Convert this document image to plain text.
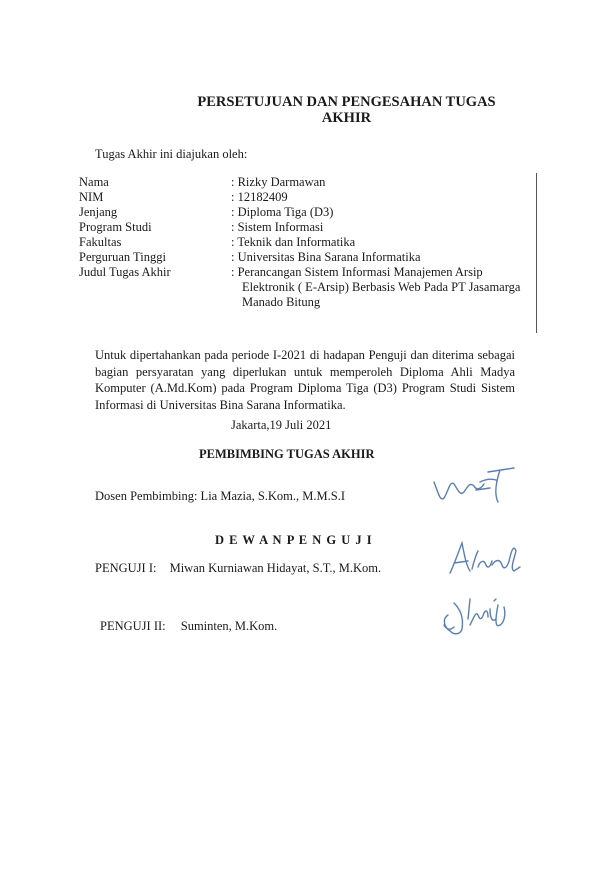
PERSETUJUAN DAN PENGESAHAN TUGAS
AKHIR
Tugas Akhir ini diajukan oleh:
Nama	: Rizky Darmawan
NIM	: 12182409
Jenjang	: Diploma Tiga (D3)
Program Studi	: Sistem Informasi
Fakultas	: Teknik dan Informatika
Perguruan Tinggi	: Universitas Bina Sarana Informatika
Judul Tugas Akhir	: Perancangan Sistem Informasi Manajemen Arsip
Elektronik ( E-Arsip) Berbasis Web Pada PT Jasamarga
Manado Bitung
Untuk dipertahankan pada periode I-2021 di hadapan Penguji dan diterima sebagai
bagian persyaratan yang diperlukan untuk memperoleh Diploma Ahli Madya
Komputer (A.Md.Kom) pada Program Diploma Tiga (D3) Program Studi Sistem
Informasi di Universitas Bina Sarana Informatika.
Jakarta,19 Juli 2021
PEMBIMBING TUGAS AKHIR
Dosen Pembimbing: Lia Mazia, S.Kom., M.M.S.I
D E W A N P E N G U J I
PENGUJI I: Miwan Kurniawan Hidayat, S.T., M.Kom.
PENGUJI II: Suminten, M.Kom.
